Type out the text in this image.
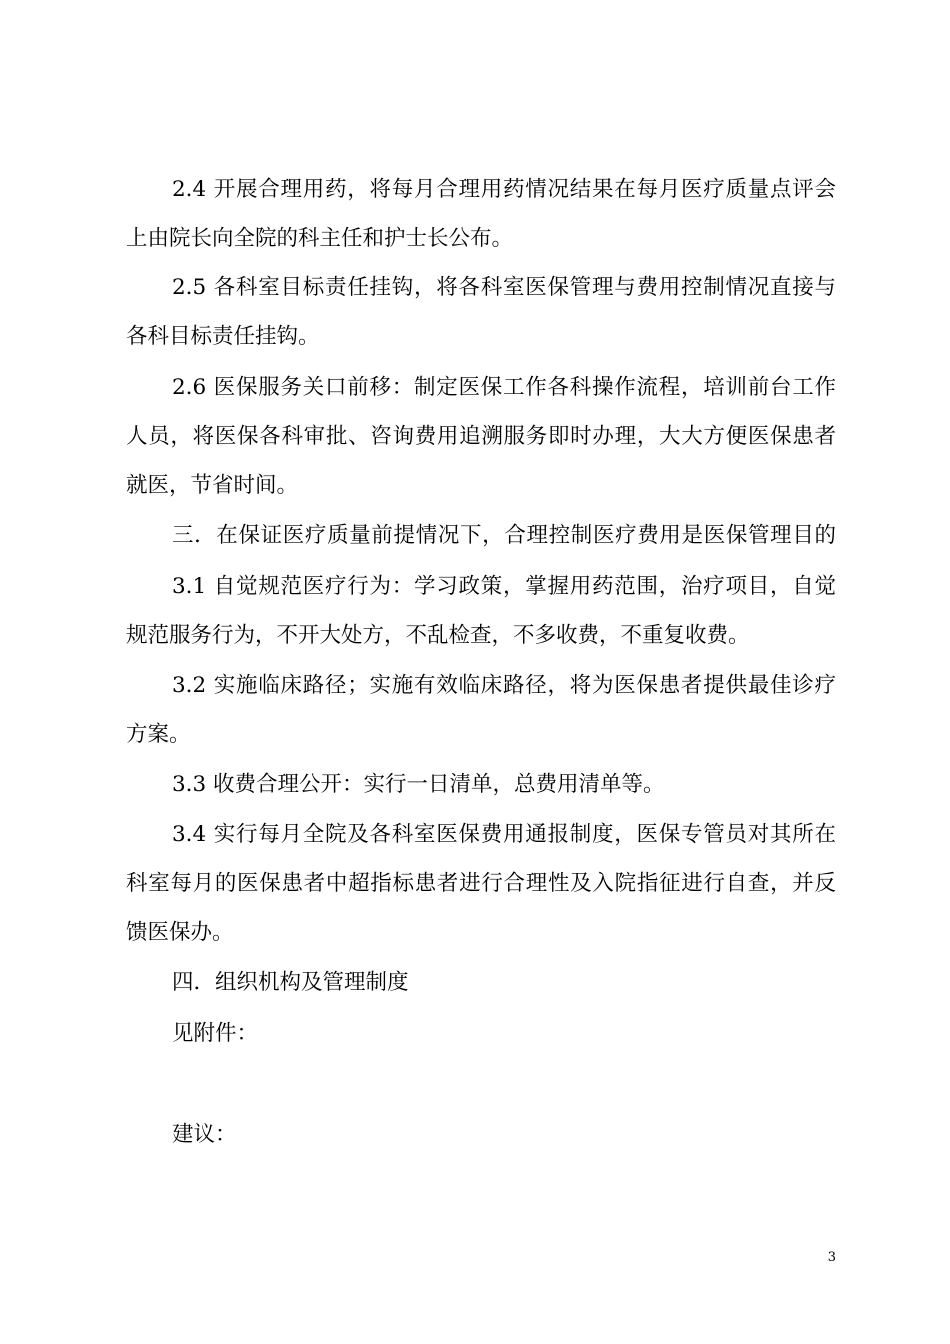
2.4 开展合理用药，将每月合理用药情况结果在每月医疗质量点评会
上由院长向全院的科主任和护士长公布。
2.5 各科室目标责任挂钩，将各科室医保管理与费用控制情况直接与
各科目标责任挂钩。
2.6 医保服务关口前移：制定医保工作各科操作流程，培训前台工作
人员，将医保各科审批、咨询费用追溯服务即时办理，大大方便医保患者
就医，节省时间。
三．在保证医疗质量前提情况下，合理控制医疗费用是医保管理目的
3.1 自觉规范医疗行为：学习政策，掌握用药范围，治疗项目，自觉
规范服务行为，不开大处方，不乱检查，不多收费，不重复收费。
3.2 实施临床路径；实施有效临床路径，将为医保患者提供最佳诊疗
方案。
3.3 收费合理公开：实行一日清单，总费用清单等。
3.4 实行每月全院及各科室医保费用通报制度，医保专管员对其所在
科室每月的医保患者中超指标患者进行合理性及入院指征进行自查，并反
馈医保办。
四．组织机构及管理制度
见附件：
建议：
3
